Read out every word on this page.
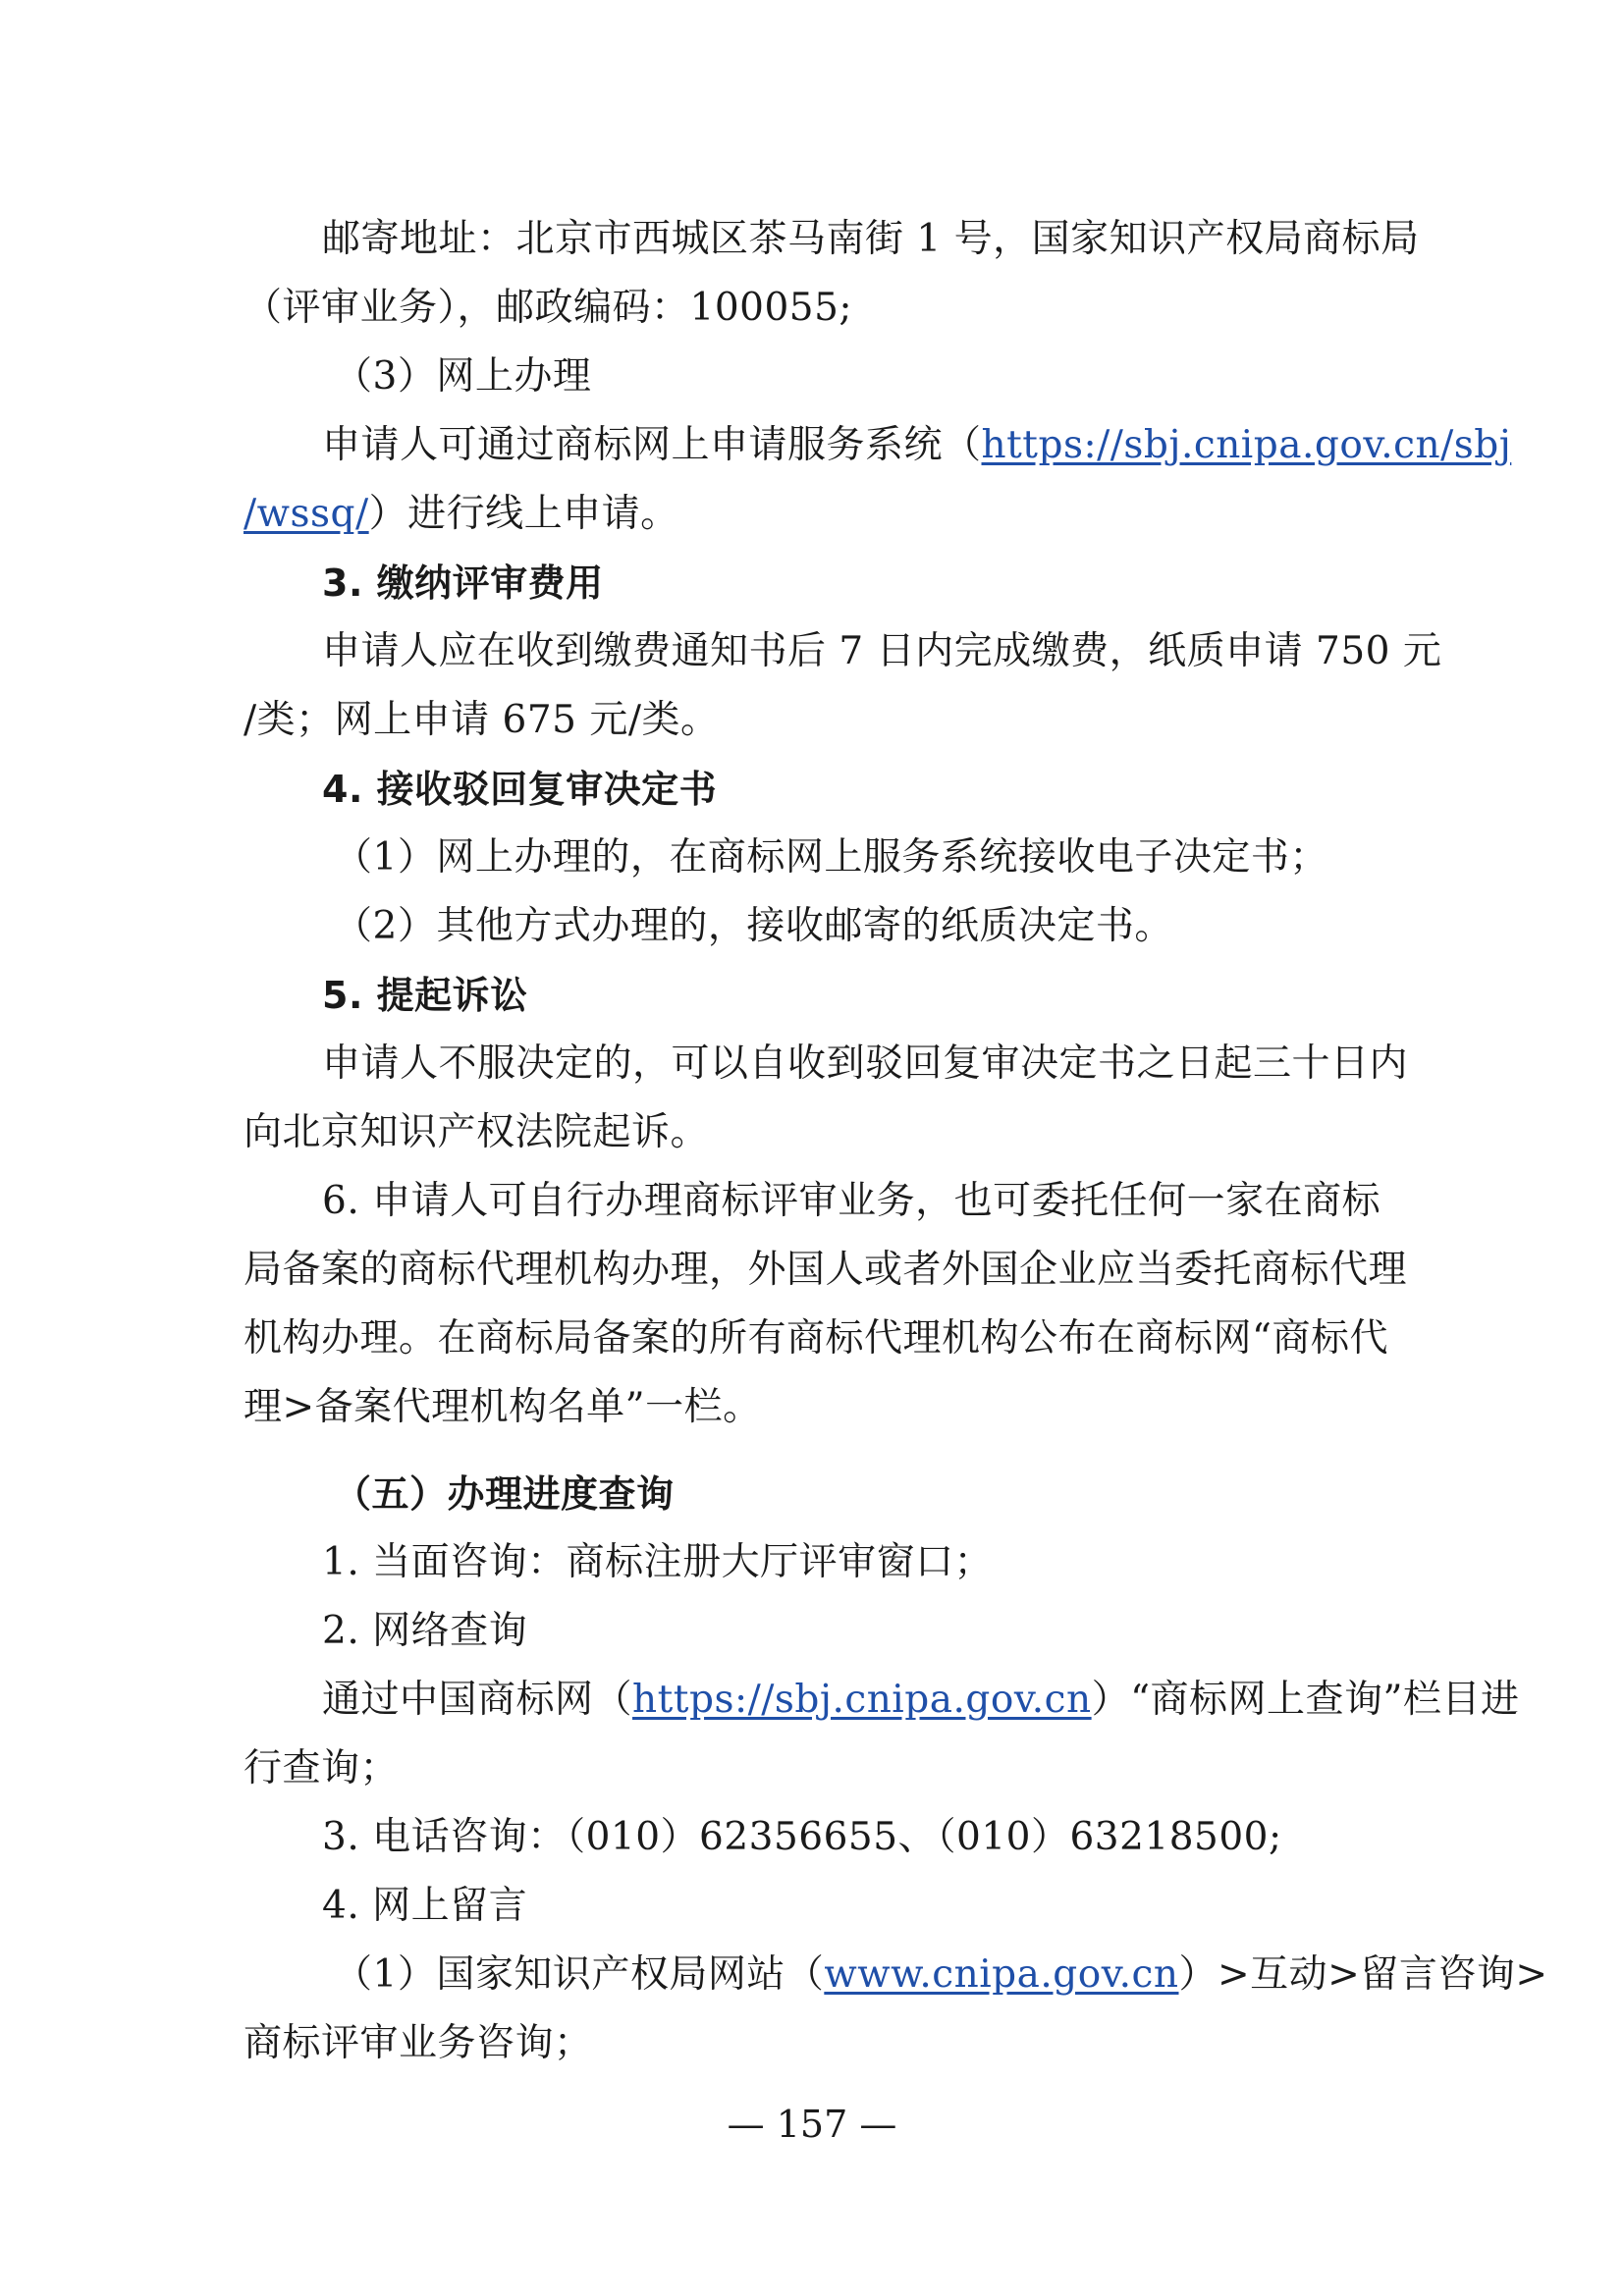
邮寄地址：北京市西城区茶马南街 1 号，国家知识产权局商标局
（评审业务），邮政编码：100055;
（3）网上办理
申请人可通过商标网上申请服务系统（https://sbj.cnipa.gov.cn/sbj
/wssq/）进行线上申请。
3. 缴纳评审费用
申请人应在收到缴费通知书后 7 日内完成缴费，纸质申请 750 元
/类；网上申请 675 元/类。
4. 接收驳回复审决定书
（1）网上办理的，在商标网上服务系统接收电子决定书；
（2）其他方式办理的，接收邮寄的纸质决定书。
5. 提起诉讼
申请人不服决定的，可以自收到驳回复审决定书之日起三十日内
向北京知识产权法院起诉。
6. 申请人可自行办理商标评审业务，也可委托任何一家在商标
局备案的商标代理机构办理，外国人或者外国企业应当委托商标代理
机构办理。在商标局备案的所有商标代理机构公布在商标网“商标代
理>备案代理机构名单”一栏。
（五）办理进度查询
1. 当面咨询：商标注册大厅评审窗口；
2. 网络查询
通过中国商标网（https://sbj.cnipa.gov.cn）“商标网上查询”栏目进
行查询；
3. 电话咨询：（010）62356655、（010）63218500;
4. 网上留言
（1）国家知识产权局网站（www.cnipa.gov.cn）>互动>留言咨询>
商标评审业务咨询；
— 157 —
